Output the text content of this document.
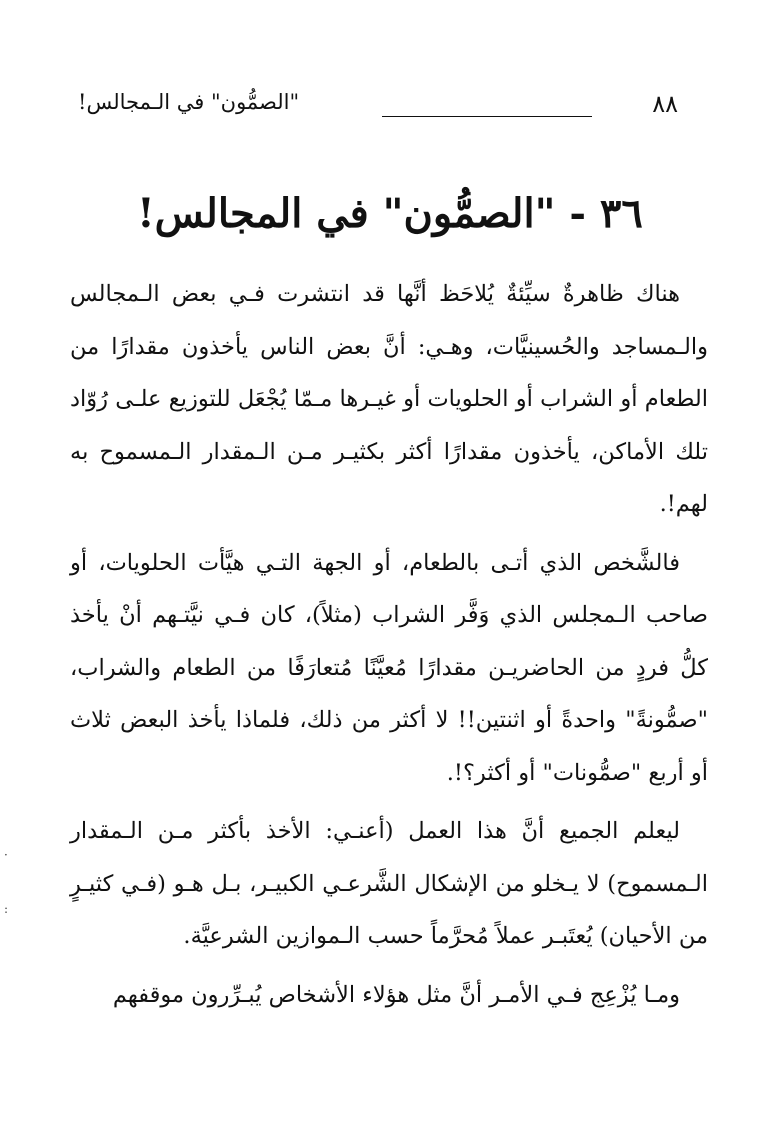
٨٨
"الصمُّون" في الـمجالس!
٣٦ - "الصمُّون" في المجالس!

هناك ظاهرةٌ سيِّئةٌ يُلاحَظ أنَّها قد انتشرت فـي بعض الـمجالس والـمساجد والحُسينيَّات، وهـي: أنَّ بعض الناس يأخذون مقدارًا من الطعام أو الشراب أو الحلويات أو غيـرها مـمّا يُجْعَل للتوزيع علـى رُوّاد تلك الأماكن، يأخذون مقدارًا أكثر بكثيـر مـن الـمقدار الـمسموح به لهم!.

فالشَّخص الذي أتـى بالطعام، أو الجهة التـي هيَّأت الحلويات، أو صاحب الـمجلس الذي وَفَّر الشراب (مثلاً)، كان فـي نيَّتـهم أنْ يأخذ كلُّ فردٍ من الحاضريـن مقدارًا مُعيَّنًا مُتعارَفًا من الطعام والشراب، "صمُّونةً" واحدةً أو اثنتين!! لا أكثر من ذلك، فلماذا يأخذ البعض ثلاث أو أربع "صمُّونات" أو أكثر؟!.

ليعلم الجميع أنَّ هذا العمل (أعنـي: الأخذ بأكثر مـن الـمقدار الـمسموح) لا يـخلو من الإشكال الشَّرعـي الكبيـر، بـل هـو (فـي كثيـرٍ من الأحيان) يُعتَبـر عملاً مُحرَّماً حسب الـموازين الشرعيَّة.

ومـا يُزْعِج فـي الأمـر أنَّ مثل هؤلاء الأشخاص يُبـرِّرون موقفهم

·
:
